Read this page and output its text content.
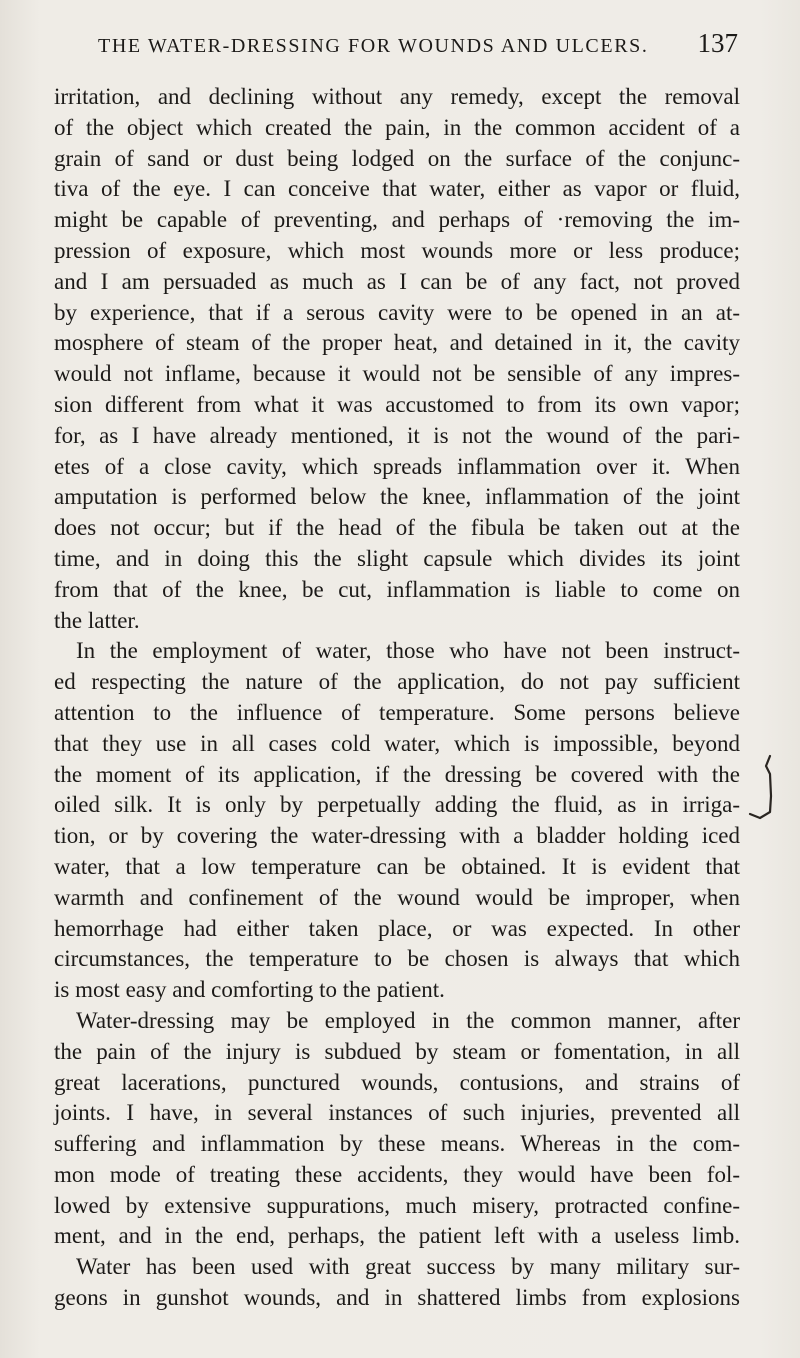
THE WATER-DRESSING FOR WOUNDS AND ULCERS. 137
irritation, and declining without any remedy, except the removal
of the object which created the pain, in the common accident of a
grain of sand or dust being lodged on the surface of the conjunc-
tiva of the eye. I can conceive that water, either as vapor or fluid,
might be capable of preventing, and perhaps of ·removing the im-
pression of exposure, which most wounds more or less produce;
and I am persuaded as much as I can be of any fact, not proved
by experience, that if a serous cavity were to be opened in an at-
mosphere of steam of the proper heat, and detained in it, the cavity
would not inflame, because it would not be sensible of any impres-
sion different from what it was accustomed to from its own vapor;
for, as I have already mentioned, it is not the wound of the pari-
etes of a close cavity, which spreads inflammation over it. When
amputation is performed below the knee, inflammation of the joint
does not occur; but if the head of the fibula be taken out at the
time, and in doing this the slight capsule which divides its joint
from that of the knee, be cut, inflammation is liable to come on
the latter.
In the employment of water, those who have not been instruct-
ed respecting the nature of the application, do not pay sufficient
attention to the influence of temperature. Some persons believe
that they use in all cases cold water, which is impossible, beyond
the moment of its application, if the dressing be covered with the
oiled silk. It is only by perpetually adding the fluid, as in irriga-
tion, or by covering the water-dressing with a bladder holding iced
water, that a low temperature can be obtained. It is evident that
warmth and confinement of the wound would be improper, when
hemorrhage had either taken place, or was expected. In other
circumstances, the temperature to be chosen is always that which
is most easy and comforting to the patient.
Water-dressing may be employed in the common manner, after
the pain of the injury is subdued by steam or fomentation, in all
great lacerations, punctured wounds, contusions, and strains of
joints. I have, in several instances of such injuries, prevented all
suffering and inflammation by these means. Whereas in the com-
mon mode of treating these accidents, they would have been fol-
lowed by extensive suppurations, much misery, protracted confine-
ment, and in the end, perhaps, the patient left with a useless limb.
Water has been used with great success by many military sur-
geons in gunshot wounds, and in shattered limbs from explosions
